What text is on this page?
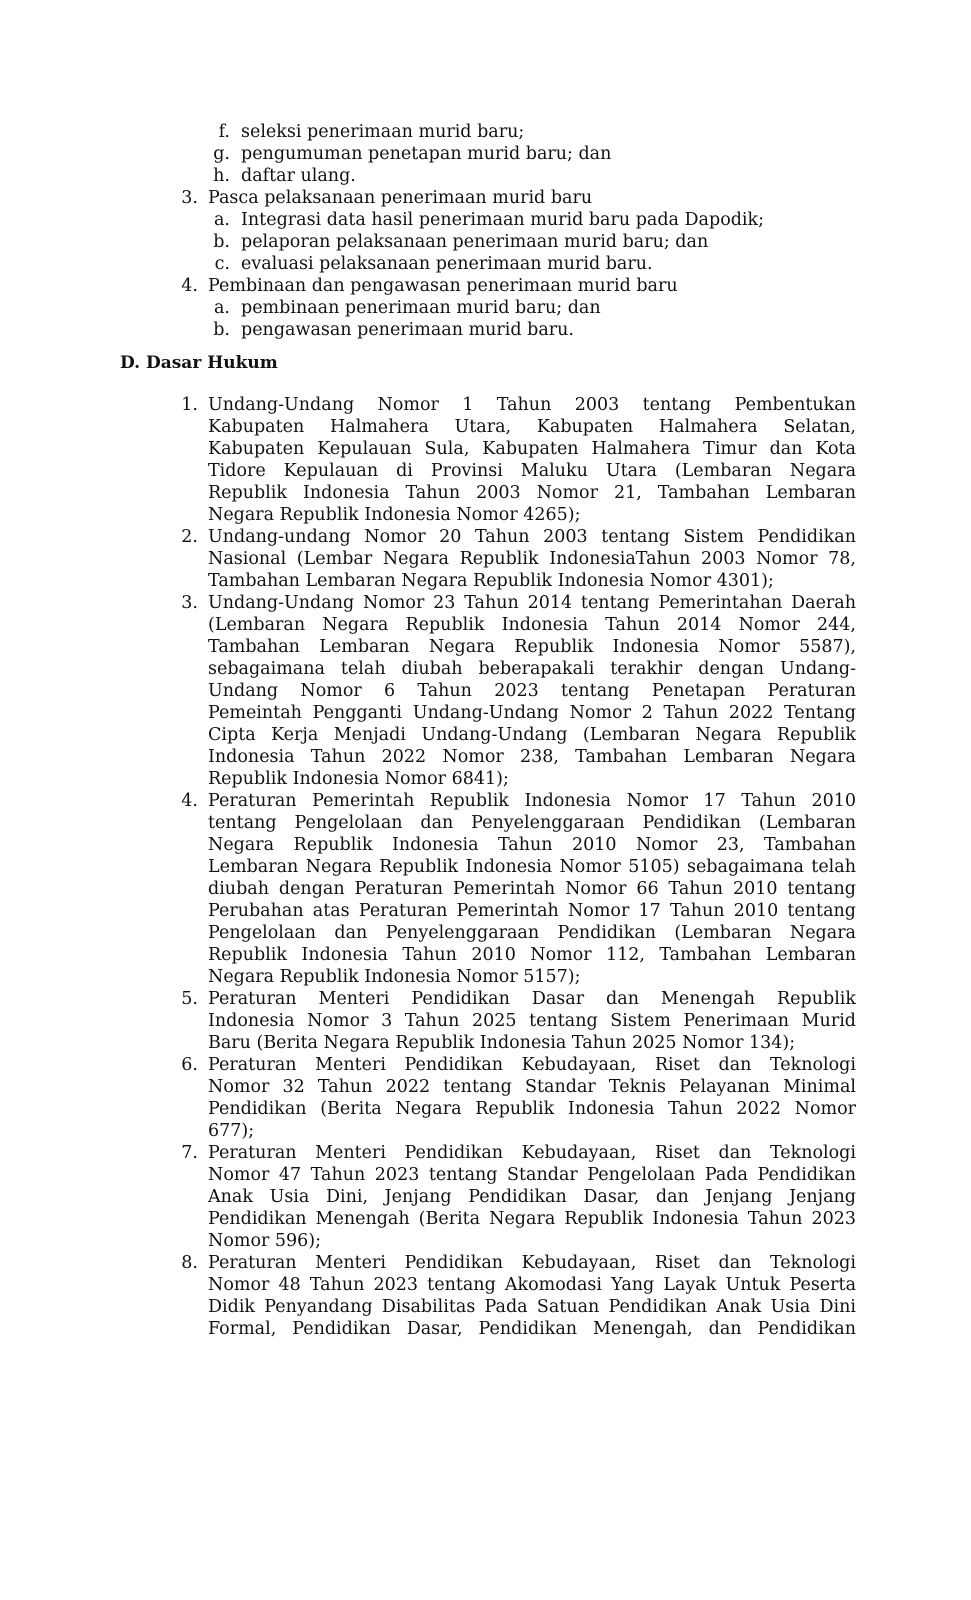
f. seleksi penerimaan murid baru;
g. pengumuman penetapan murid baru; dan
h. daftar ulang.
3. Pasca pelaksanaan penerimaan murid baru
a. Integrasi data hasil penerimaan murid baru pada Dapodik;
b. pelaporan pelaksanaan penerimaan murid baru; dan
c. evaluasi pelaksanaan penerimaan murid baru.
4. Pembinaan dan pengawasan penerimaan murid baru
a. pembinaan penerimaan murid baru; dan
b. pengawasan penerimaan murid baru.
D. Dasar Hukum
1. Undang-Undang Nomor 1 Tahun 2003 tentang Pembentukan
Kabupaten Halmahera Utara, Kabupaten Halmahera Selatan,
Kabupaten Kepulauan Sula, Kabupaten Halmahera Timur dan Kota
Tidore Kepulauan di Provinsi Maluku Utara (Lembaran Negara
Republik Indonesia Tahun 2003 Nomor 21, Tambahan Lembaran
Negara Republik Indonesia Nomor 4265);
2. Undang-undang Nomor 20 Tahun 2003 tentang Sistem Pendidikan
Nasional (Lembar Negara Republik IndonesiaTahun 2003 Nomor 78,
Tambahan Lembaran Negara Republik Indonesia Nomor 4301);
3. Undang-Undang Nomor 23 Tahun 2014 tentang Pemerintahan Daerah
(Lembaran Negara Republik Indonesia Tahun 2014 Nomor 244,
Tambahan Lembaran Negara Republik Indonesia Nomor 5587),
sebagaimana telah diubah beberapakali terakhir dengan Undang-
Undang Nomor 6 Tahun 2023 tentang Penetapan Peraturan
Pemeintah Pengganti Undang-Undang Nomor 2 Tahun 2022 Tentang
Cipta Kerja Menjadi Undang-Undang (Lembaran Negara Republik
Indonesia Tahun 2022 Nomor 238, Tambahan Lembaran Negara
Republik Indonesia Nomor 6841);
4. Peraturan Pemerintah Republik Indonesia Nomor 17 Tahun 2010
tentang Pengelolaan dan Penyelenggaraan Pendidikan (Lembaran
Negara Republik Indonesia Tahun 2010 Nomor 23, Tambahan
Lembaran Negara Republik Indonesia Nomor 5105) sebagaimana telah
diubah dengan Peraturan Pemerintah Nomor 66 Tahun 2010 tentang
Perubahan atas Peraturan Pemerintah Nomor 17 Tahun 2010 tentang
Pengelolaan dan Penyelenggaraan Pendidikan (Lembaran Negara
Republik Indonesia Tahun 2010 Nomor 112, Tambahan Lembaran
Negara Republik Indonesia Nomor 5157);
5. Peraturan Menteri Pendidikan Dasar dan Menengah Republik
Indonesia Nomor 3 Tahun 2025 tentang Sistem Penerimaan Murid
Baru (Berita Negara Republik Indonesia Tahun 2025 Nomor 134);
6. Peraturan Menteri Pendidikan Kebudayaan, Riset dan Teknologi
Nomor 32 Tahun 2022 tentang Standar Teknis Pelayanan Minimal
Pendidikan (Berita Negara Republik Indonesia Tahun 2022 Nomor
677);
7. Peraturan Menteri Pendidikan Kebudayaan, Riset dan Teknologi
Nomor 47 Tahun 2023 tentang Standar Pengelolaan Pada Pendidikan
Anak Usia Dini, Jenjang Pendidikan Dasar, dan Jenjang Jenjang
Pendidikan Menengah (Berita Negara Republik Indonesia Tahun 2023
Nomor 596);
8. Peraturan Menteri Pendidikan Kebudayaan, Riset dan Teknologi
Nomor 48 Tahun 2023 tentang Akomodasi Yang Layak Untuk Peserta
Didik Penyandang Disabilitas Pada Satuan Pendidikan Anak Usia Dini
Formal, Pendidikan Dasar, Pendidikan Menengah, dan Pendidikan
